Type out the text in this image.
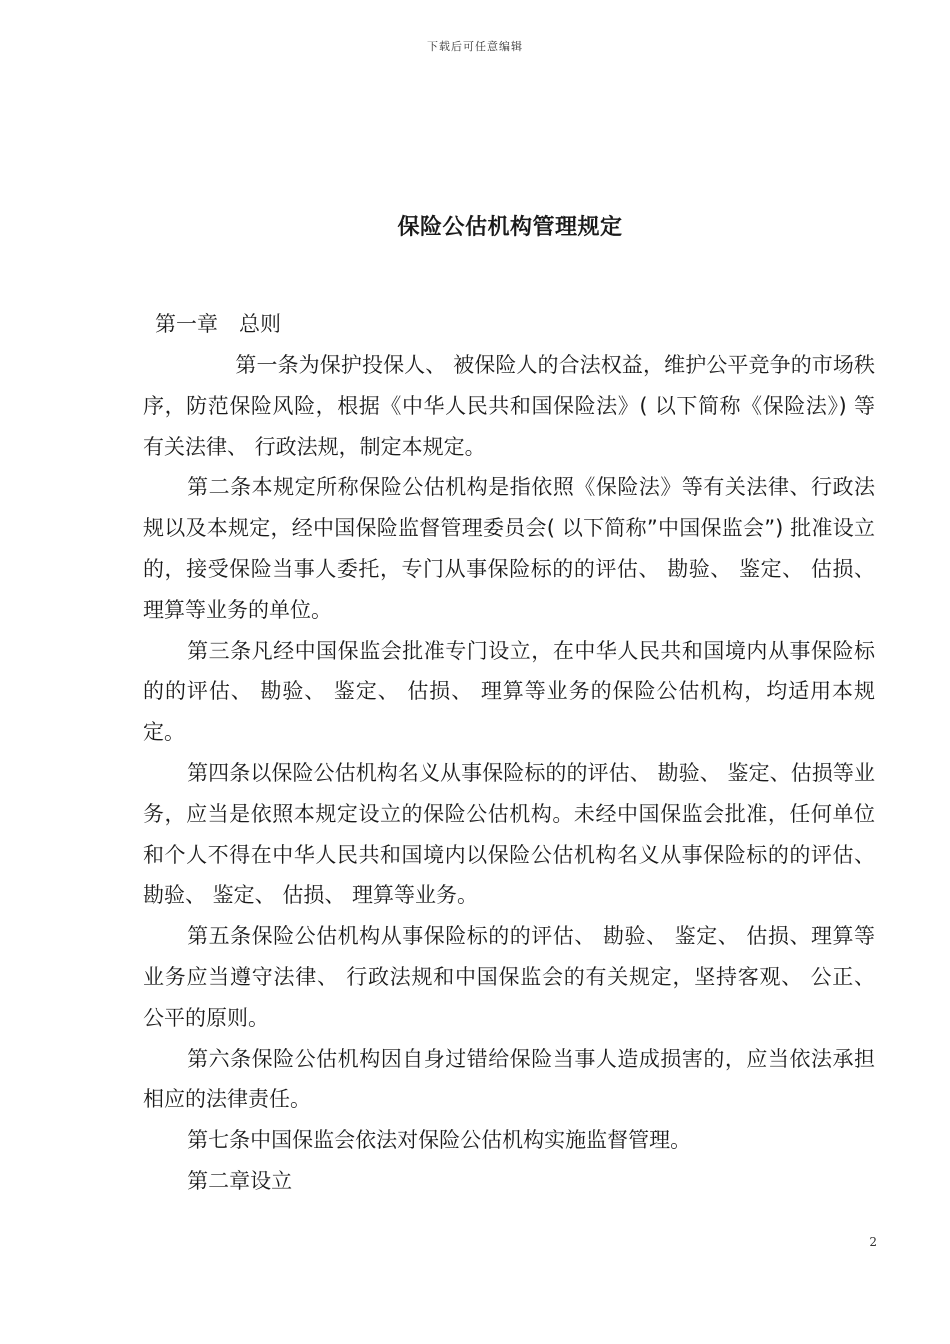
下载后可任意编辑
保险公估机构管理规定
第一章　总则

第一条为保护投保人、 被保险人的合法权益，维护公平竞争的市场秩序，防范保险风险，根据《中华人民共和国保险法》( 以下简称《保险法》) 等有关法律、 行政法规，制定本规定。

第二条本规定所称保险公估机构是指依照《保险法》等有关法律、行政法规以及本规定，经中国保险监督管理委员会( 以下简称”中国保监会”) 批准设立的，接受保险当事人委托，专门从事保险标的的评估、 勘验、 鉴定、 估损、 理算等业务的单位。

第三条凡经中国保监会批准专门设立，在中华人民共和国境内从事保险标的的评估、 勘验、 鉴定、 估损、 理算等业务的保险公估机构，均适用本规定。

第四条以保险公估机构名义从事保险标的的评估、 勘验、 鉴定、估损等业务，应当是依照本规定设立的保险公估机构。未经中国保监会批准，任何单位和个人不得在中华人民共和国境内以保险公估机构名义从事保险标的的评估、 勘验、 鉴定、 估损、 理算等业务。

第五条保险公估机构从事保险标的的评估、 勘验、 鉴定、 估损、理算等业务应当遵守法律、 行政法规和中国保监会的有关规定，坚持客观、 公正、 公平的原则。

第六条保险公估机构因自身过错给保险当事人造成损害的，应当依法承担相应的法律责任。

第七条中国保监会依法对保险公估机构实施监督管理。

第二章设立

2
